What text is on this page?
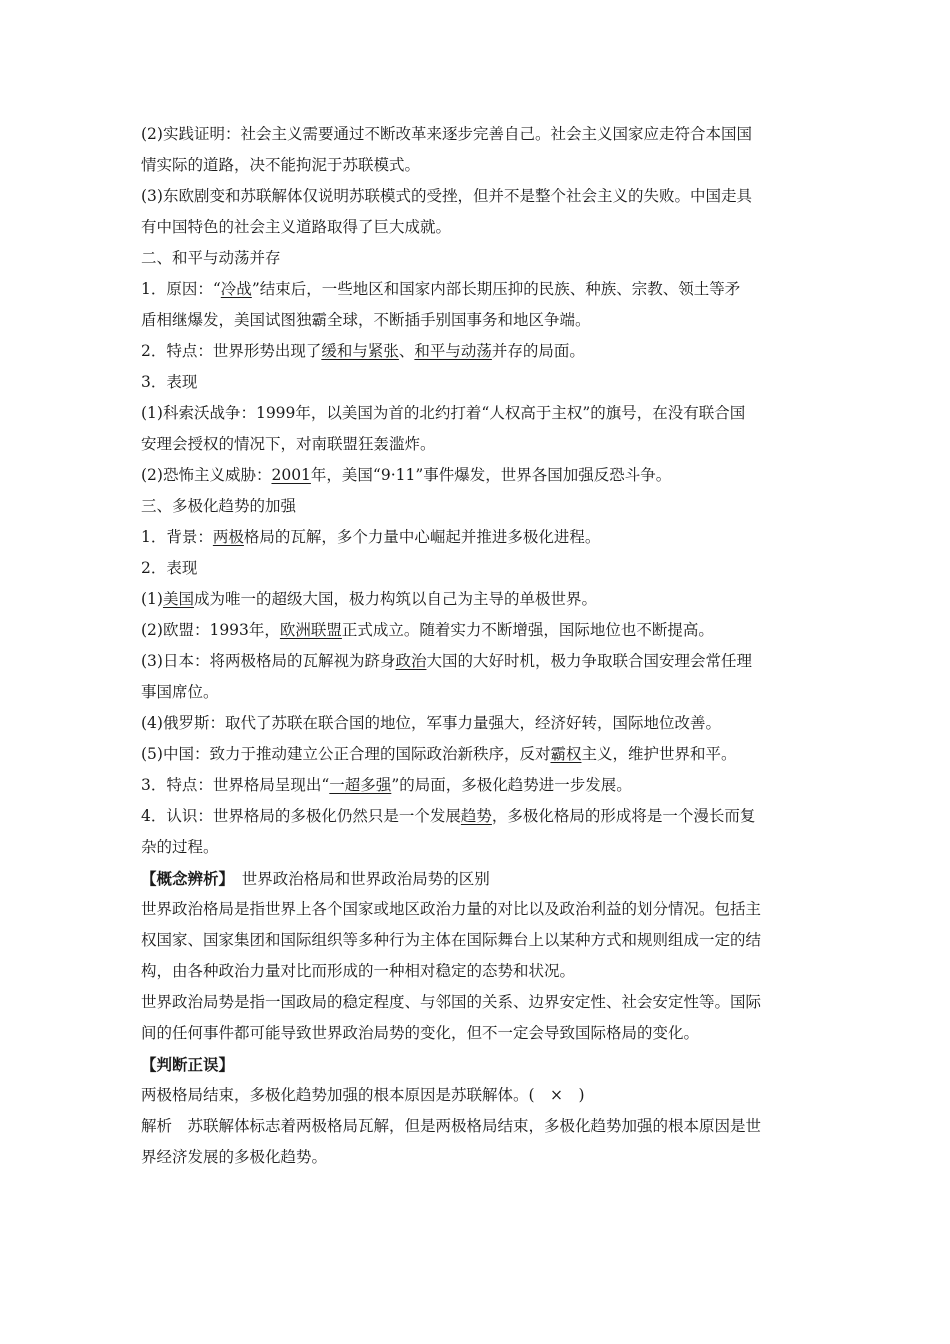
(2)实践证明：社会主义需要通过不断改革来逐步完善自己。社会主义国家应走符合本国国
情实际的道路，决不能拘泥于苏联模式。
(3)东欧剧变和苏联解体仅说明苏联模式的受挫，但并不是整个社会主义的失败。中国走具
有中国特色的社会主义道路取得了巨大成就。
二、和平与动荡并存
1．原因：“冷战”结束后，一些地区和国家内部长期压抑的民族、种族、宗教、领土等矛
盾相继爆发，美国试图独霸全球，不断插手别国事务和地区争端。
2．特点：世界形势出现了缓和与紧张、和平与动荡并存的局面。
3．表现
(1)科索沃战争：1999年，以美国为首的北约打着“人权高于主权”的旗号，在没有联合国
安理会授权的情况下，对南联盟狂轰滥炸。
(2)恐怖主义威胁：2001年，美国“9·11”事件爆发，世界各国加强反恐斗争。
三、多极化趋势的加强
1．背景：两极格局的瓦解，多个力量中心崛起并推进多极化进程。
2．表现
(1)美国成为唯一的超级大国，极力构筑以自己为主导的单极世界。
(2)欧盟：1993年，欧洲联盟正式成立。随着实力不断增强，国际地位也不断提高。
(3)日本：将两极格局的瓦解视为跻身政治大国的大好时机，极力争取联合国安理会常任理
事国席位。
(4)俄罗斯：取代了苏联在联合国的地位，军事力量强大，经济好转，国际地位改善。
(5)中国：致力于推动建立公正合理的国际政治新秩序，反对霸权主义，维护世界和平。
3．特点：世界格局呈现出“一超多强”的局面，多极化趋势进一步发展。
4．认识：世界格局的多极化仍然只是一个发展趋势，多极化格局的形成将是一个漫长而复
杂的过程。
【概念辨析】　世界政治格局和世界政治局势的区别
世界政治格局是指世界上各个国家或地区政治力量的对比以及政治利益的划分情况。包括主
权国家、国家集团和国际组织等多种行为主体在国际舞台上以某种方式和规则组成一定的结
构，由各种政治力量对比而形成的一种相对稳定的态势和状况。
世界政治局势是指一国政局的稳定程度、与邻国的关系、边界安定性、社会安定性等。国际
间的任何事件都可能导致世界政治局势的变化，但不一定会导致国际格局的变化。
【判断正误】
两极格局结束，多极化趋势加强的根本原因是苏联解体。(　×　)
解析　苏联解体标志着两极格局瓦解，但是两极格局结束，多极化趋势加强的根本原因是世
界经济发展的多极化趋势。
